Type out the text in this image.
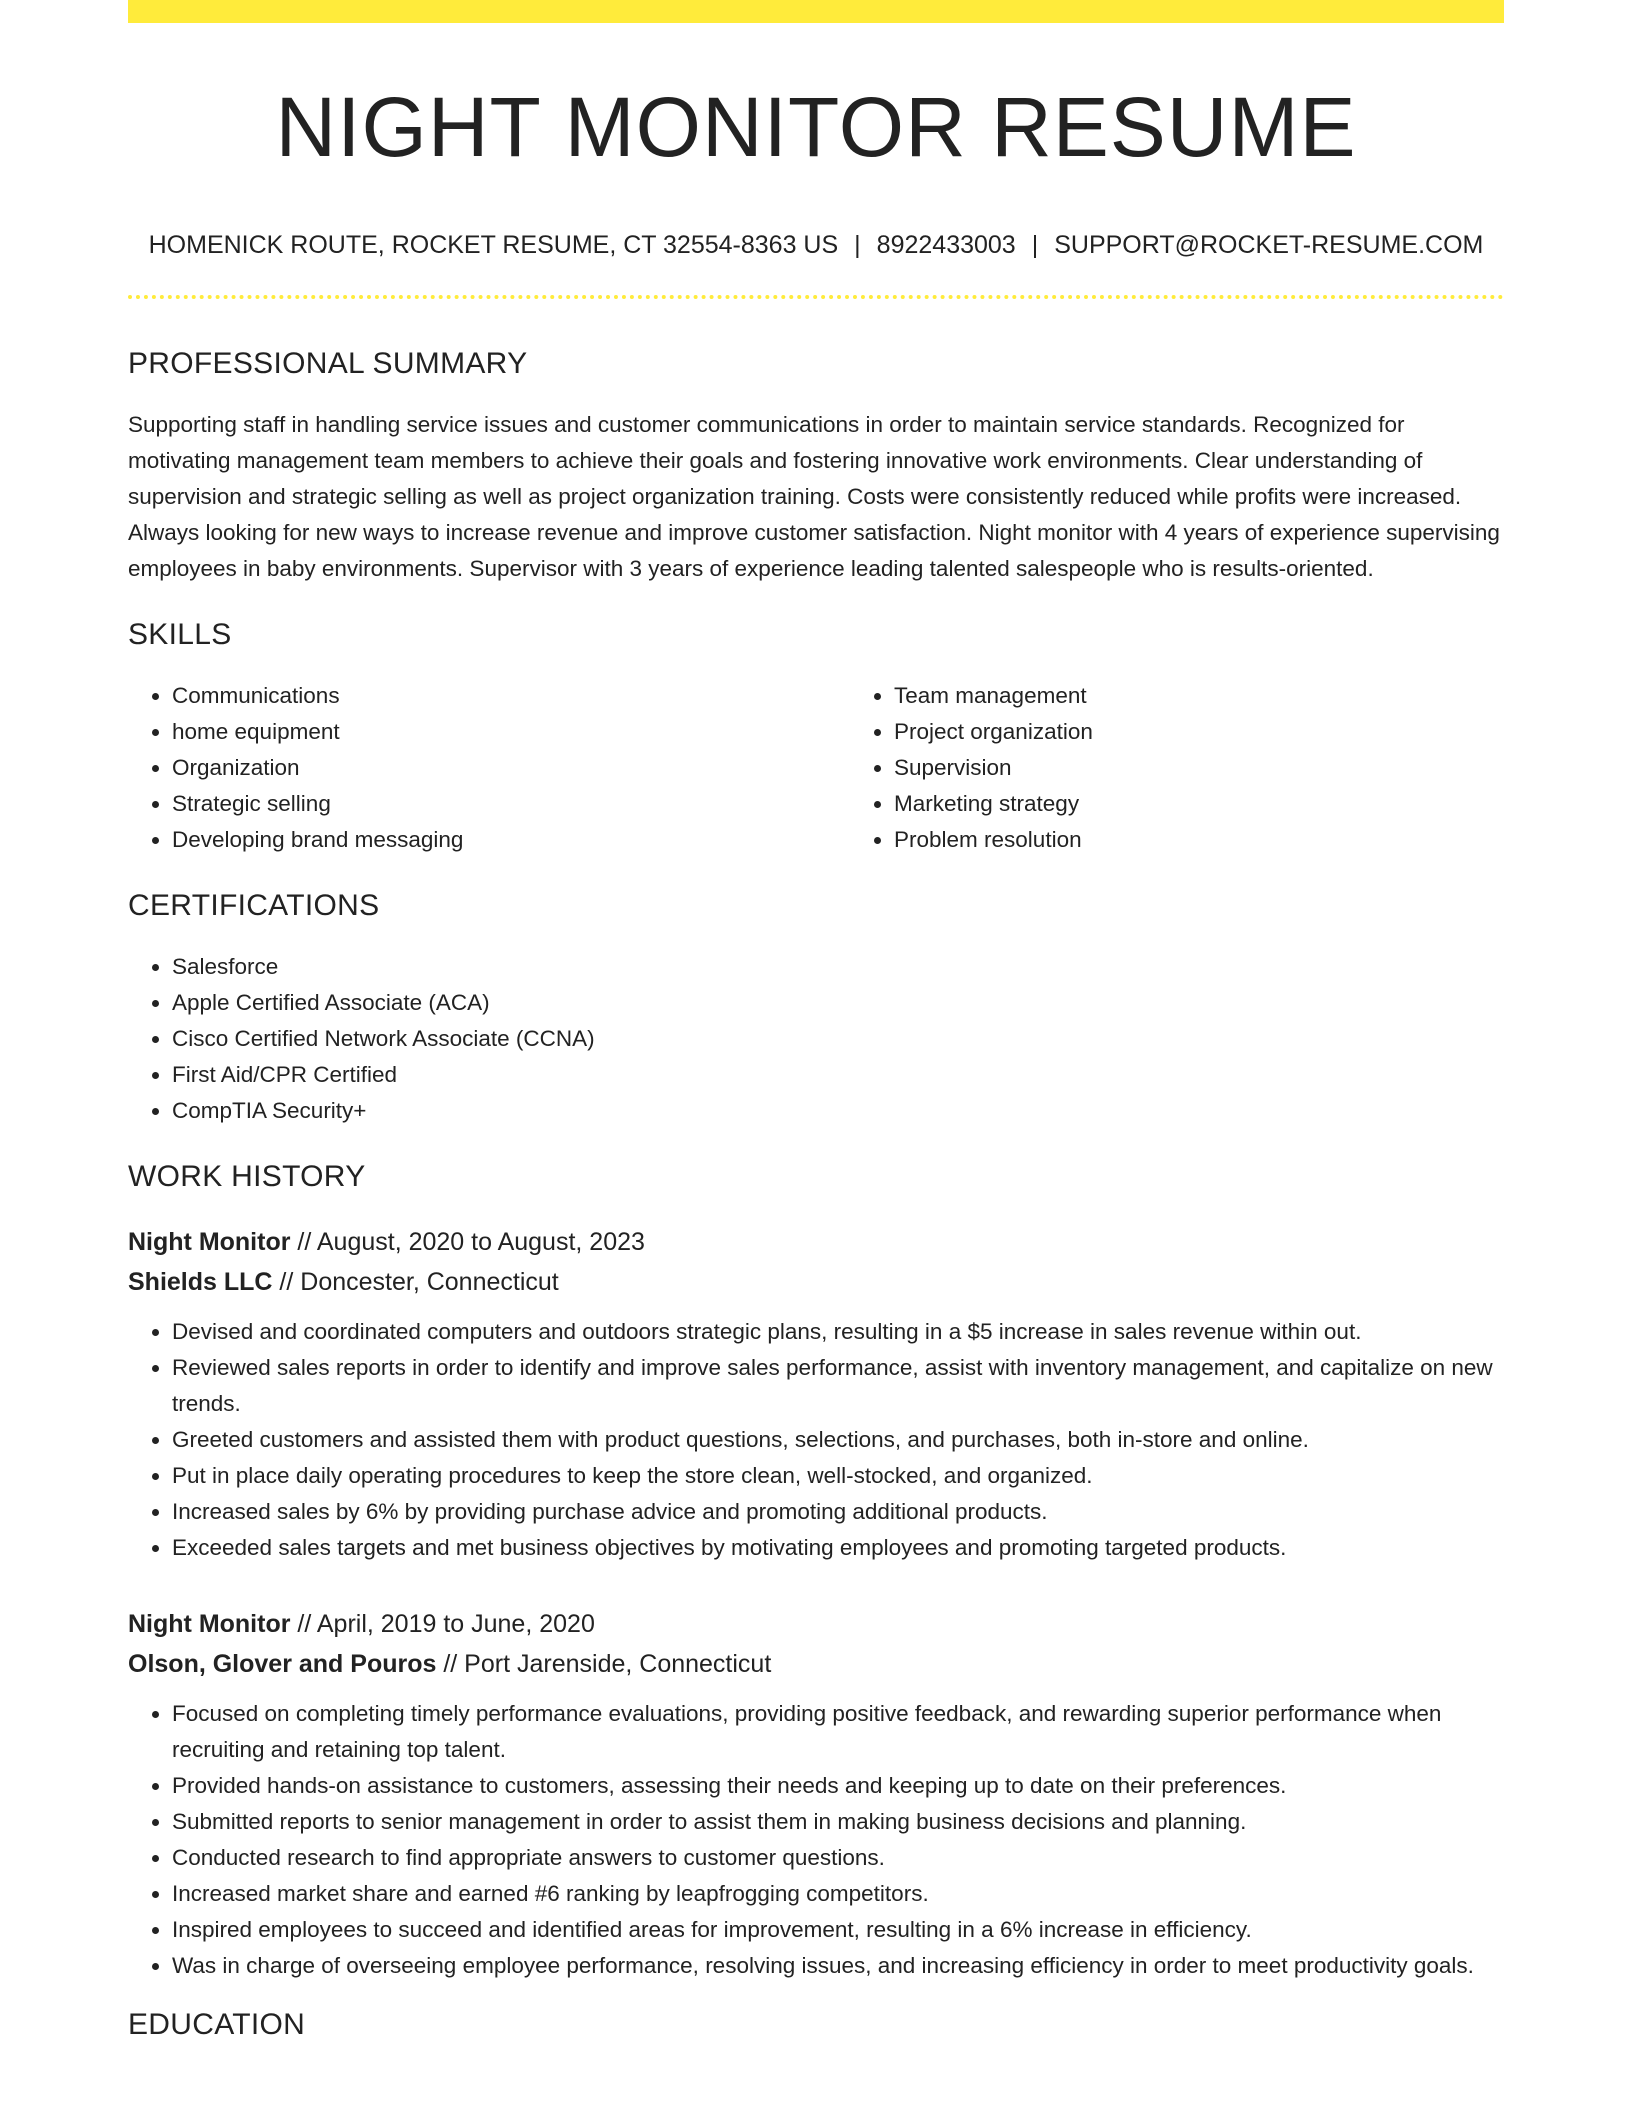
NIGHT MONITOR RESUME
HOMENICK ROUTE, ROCKET RESUME, CT 32554-8363 US | 8922433003 | SUPPORT@ROCKET-RESUME.COM
PROFESSIONAL SUMMARY

Supporting staff in handling service issues and customer communications in order to maintain service standards. Recognized for motivating management team members to achieve their goals and fostering innovative work environments. Clear understanding of supervision and strategic selling as well as project organization training. Costs were consistently reduced while profits were increased. Always looking for new ways to increase revenue and improve customer satisfaction. Night monitor with 4 years of experience supervising employees in baby environments. Supervisor with 3 years of experience leading talented salespeople who is results-oriented.

SKILLS
• Communications
• home equipment
• Organization
• Strategic selling
• Developing brand messaging
• Team management
• Project organization
• Supervision
• Marketing strategy
• Problem resolution
CERTIFICATIONS
• Salesforce
• Apple Certified Associate (ACA)
• Cisco Certified Network Associate (CCNA)
• First Aid/CPR Certified
• CompTIA Security+
WORK HISTORY
Night Monitor // August, 2020 to August, 2023
Shields LLC // Doncester, Connecticut
• Devised and coordinated computers and outdoors strategic plans, resulting in a $5 increase in sales revenue within out.
• Reviewed sales reports in order to identify and improve sales performance, assist with inventory management, and capitalize on new trends.
• Greeted customers and assisted them with product questions, selections, and purchases, both in-store and online.
• Put in place daily operating procedures to keep the store clean, well-stocked, and organized.
• Increased sales by 6% by providing purchase advice and promoting additional products.
• Exceeded sales targets and met business objectives by motivating employees and promoting targeted products.
Night Monitor // April, 2019 to June, 2020
Olson, Glover and Pouros // Port Jarenside, Connecticut
• Focused on completing timely performance evaluations, providing positive feedback, and rewarding superior performance when recruiting and retaining top talent.
• Provided hands-on assistance to customers, assessing their needs and keeping up to date on their preferences.
• Submitted reports to senior management in order to assist them in making business decisions and planning.
• Conducted research to find appropriate answers to customer questions.
• Increased market share and earned #6 ranking by leapfrogging competitors.
• Inspired employees to succeed and identified areas for improvement, resulting in a 6% increase in efficiency.
• Was in charge of overseeing employee performance, resolving issues, and increasing efficiency in order to meet productivity goals.
EDUCATION
